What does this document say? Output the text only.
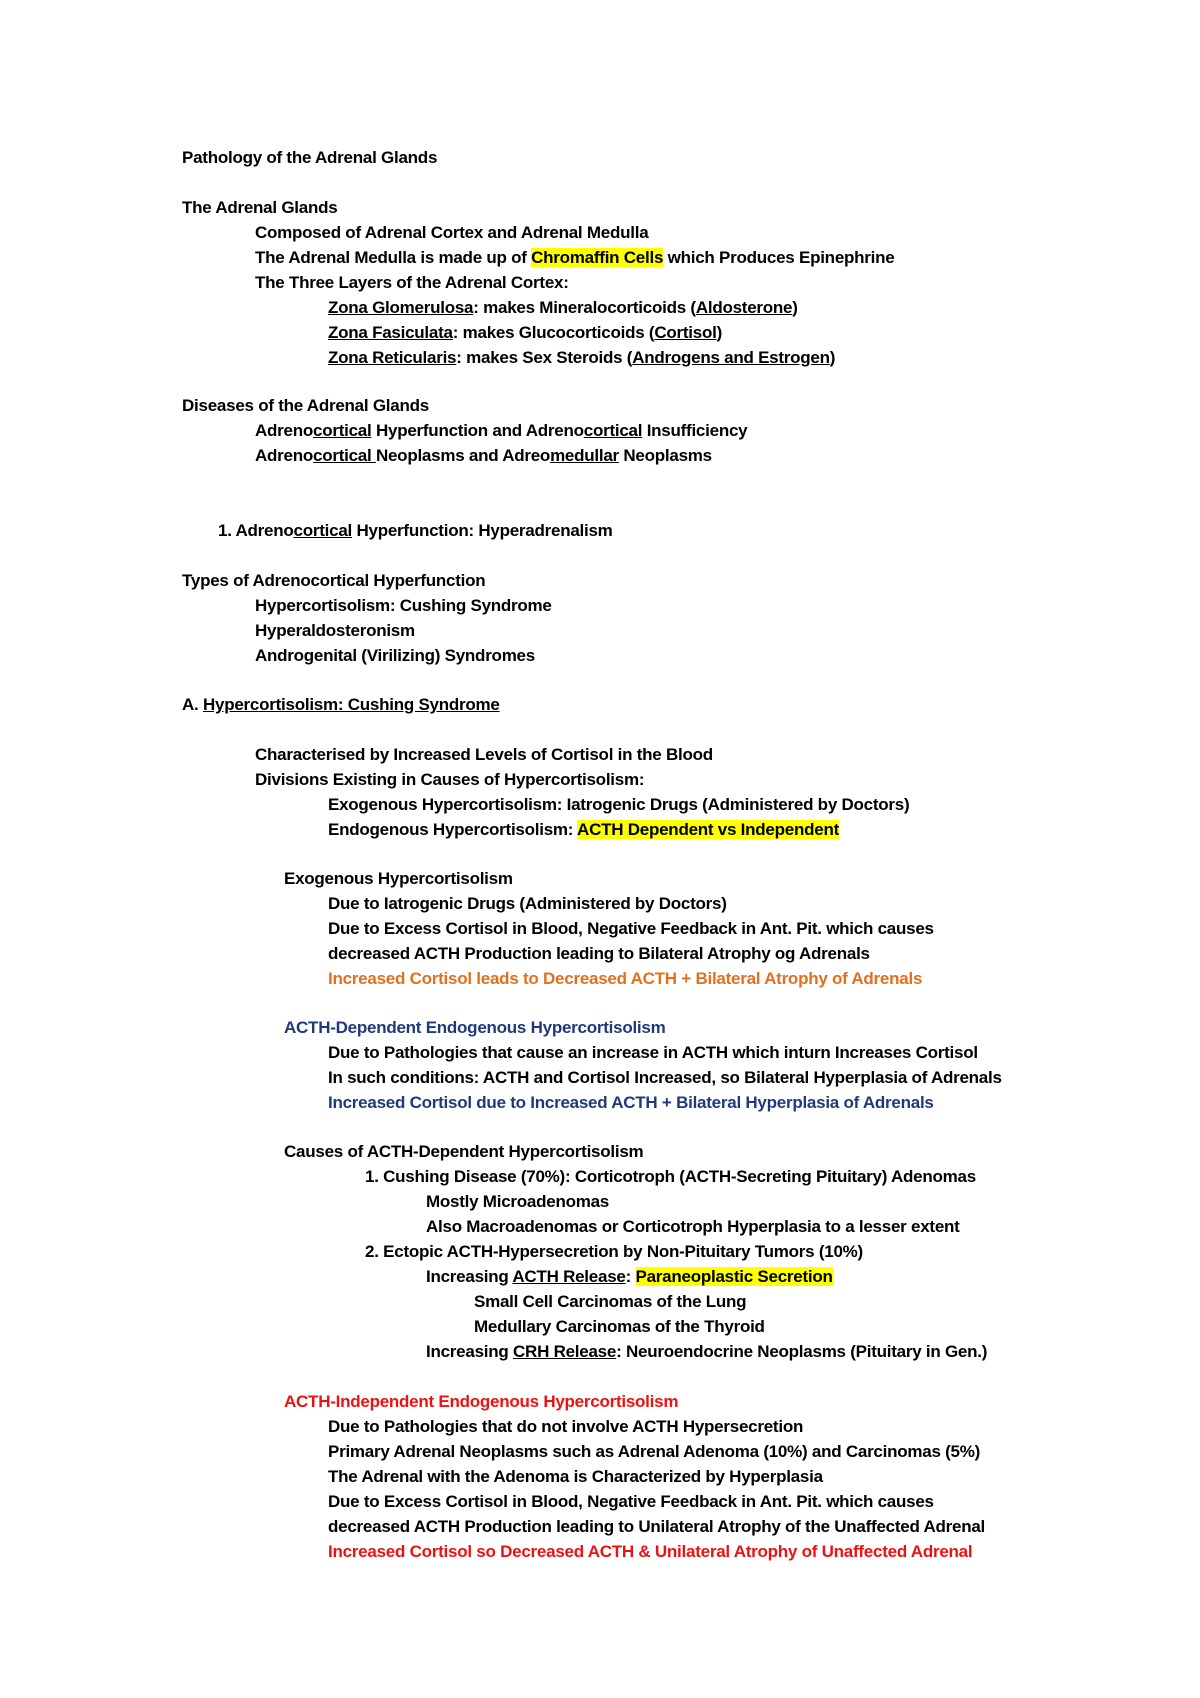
Pathology of the Adrenal Glands
The Adrenal Glands
Composed of Adrenal Cortex and Adrenal Medulla
The Adrenal Medulla is made up of Chromaffin Cells which Produces Epinephrine
The Three Layers of the Adrenal Cortex:
Zona Glomerulosa: makes Mineralocorticoids (Aldosterone)
Zona Fasiculata: makes Glucocorticoids (Cortisol)
Zona Reticularis: makes Sex Steroids (Androgens and Estrogen)
Diseases of the Adrenal Glands
Adrenocortical Hyperfunction and Adrenocortical Insufficiency
Adrenocortical Neoplasms and Adreomedullar Neoplasms
1. Adrenocortical Hyperfunction: Hyperadrenalism
Types of Adrenocortical Hyperfunction
Hypercortisolism: Cushing Syndrome
Hyperaldosteronism
Androgenital (Virilizing) Syndromes
A. Hypercortisolism: Cushing Syndrome
Characterised by Increased Levels of Cortisol in the Blood
Divisions Existing in Causes of Hypercortisolism:
Exogenous Hypercortisolism: Iatrogenic Drugs (Administered by Doctors)
Endogenous Hypercortisolism: ACTH Dependent vs Independent
Exogenous Hypercortisolism
Due to Iatrogenic Drugs (Administered by Doctors)
Due to Excess Cortisol in Blood, Negative Feedback in Ant. Pit. which causes
decreased ACTH Production leading to Bilateral Atrophy og Adrenals
Increased Cortisol leads to Decreased ACTH + Bilateral Atrophy of Adrenals
ACTH-Dependent Endogenous Hypercortisolism
Due to Pathologies that cause an increase in ACTH which inturn Increases Cortisol
In such conditions: ACTH and Cortisol Increased, so Bilateral Hyperplasia of Adrenals
Increased Cortisol due to Increased ACTH + Bilateral Hyperplasia of Adrenals
Causes of ACTH-Dependent Hypercortisolism
1. Cushing Disease (70%): Corticotroph (ACTH-Secreting Pituitary) Adenomas
Mostly Microadenomas
Also Macroadenomas or Corticotroph Hyperplasia to a lesser extent
2. Ectopic ACTH-Hypersecretion by Non-Pituitary Tumors (10%)
Increasing ACTH Release: Paraneoplastic Secretion
Small Cell Carcinomas of the Lung
Medullary Carcinomas of the Thyroid
Increasing CRH Release: Neuroendocrine Neoplasms (Pituitary in Gen.)
ACTH-Independent Endogenous Hypercortisolism
Due to Pathologies that do not involve ACTH Hypersecretion
Primary Adrenal Neoplasms such as Adrenal Adenoma (10%) and Carcinomas (5%)
The Adrenal with the Adenoma is Characterized by Hyperplasia
Due to Excess Cortisol in Blood, Negative Feedback in Ant. Pit. which causes
decreased ACTH Production leading to Unilateral Atrophy of the Unaffected Adrenal
Increased Cortisol so Decreased ACTH & Unilateral Atrophy of Unaffected Adrenal
